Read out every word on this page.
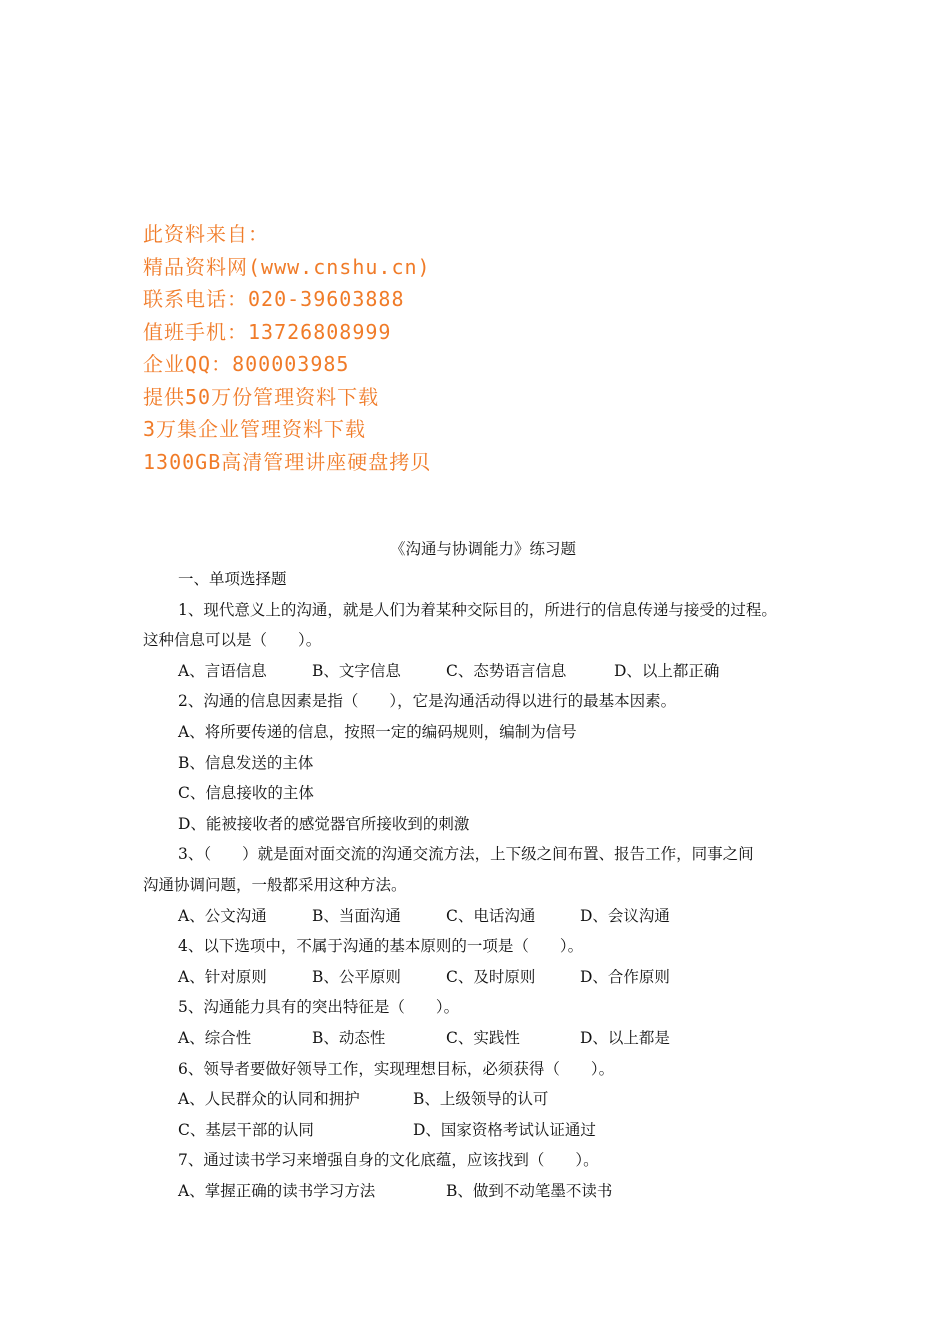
此资料来自：
精品资料网(www.cnshu.cn)
联系电话：020-39603888
值班手机：13726808999
企业QQ：800003985
提供50万份管理资料下载
3万集企业管理资料下载
1300GB高清管理讲座硬盘拷贝
《沟通与协调能力》练习题
一、单项选择题
1、现代意义上的沟通，就是人们为着某种交际目的，所进行的信息传递与接受的过程。
这种信息可以是（　　）。
A、言语信息	B、文字信息	C、态势语言信息	D、以上都正确
2、沟通的信息因素是指（　　），它是沟通活动得以进行的最基本因素。
A、将所要传递的信息，按照一定的编码规则，编制为信号
B、信息发送的主体
C、信息接收的主体
D、能被接收者的感觉器官所接收到的刺激
3、（　　）就是面对面交流的沟通交流方法，上下级之间布置、报告工作，同事之间
沟通协调问题，一般都采用这种方法。
A、公文沟通	B、当面沟通	C、电话沟通	D、会议沟通
4、以下选项中，不属于沟通的基本原则的一项是（　　）。
A、针对原则	B、公平原则	C、及时原则	D、合作原则
5、沟通能力具有的突出特征是（　　）。
A、综合性	B、动态性	C、实践性	D、以上都是
6、领导者要做好领导工作，实现理想目标，必须获得（　　）。
A、人民群众的认同和拥护	B、上级领导的认可
C、基层干部的认同	D、国家资格考试认证通过
7、通过读书学习来增强自身的文化底蕴，应该找到（　　）。
A、掌握正确的读书学习方法	B、做到不动笔墨不读书
